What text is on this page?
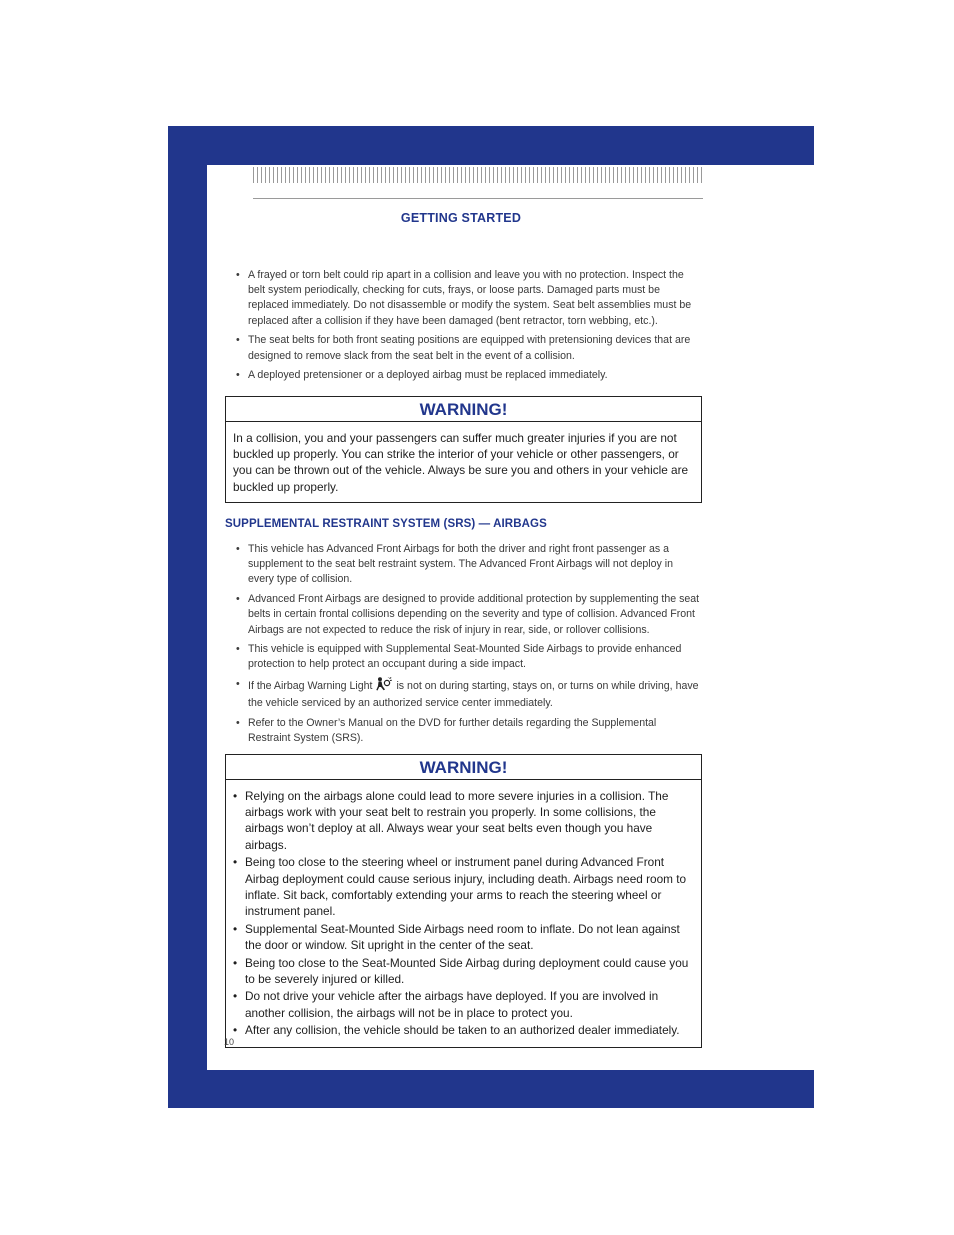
GETTING STARTED
• A frayed or torn belt could rip apart in a collision and leave you with no protection. Inspect the belt system periodically, checking for cuts, frays, or loose parts. Damaged parts must be replaced immediately. Do not disassemble or modify the system. Seat belt assemblies must be replaced after a collision if they have been damaged (bent retractor, torn webbing, etc.).
• The seat belts for both front seating positions are equipped with pretensioning devices that are designed to remove slack from the seat belt in the event of a collision.
• A deployed pretensioner or a deployed airbag must be replaced immediately.
WARNING!
In a collision, you and your passengers can suffer much greater injuries if you are not buckled up properly. You can strike the interior of your vehicle or other passengers, or you can be thrown out of the vehicle. Always be sure you and others in your vehicle are buckled up properly.
SUPPLEMENTAL RESTRAINT SYSTEM (SRS) — AIRBAGS
• This vehicle has Advanced Front Airbags for both the driver and right front passenger as a supplement to the seat belt restraint system. The Advanced Front Airbags will not deploy in every type of collision.
• Advanced Front Airbags are designed to provide additional protection by supplementing the seat belts in certain frontal collisions depending on the severity and type of collision. Advanced Front Airbags are not expected to reduce the risk of injury in rear, side, or rollover collisions.
• This vehicle is equipped with Supplemental Seat-Mounted Side Airbags to provide enhanced protection to help protect an occupant during a side impact.
• If the Airbag Warning Light is not on during starting, stays on, or turns on while driving, have the vehicle serviced by an authorized service center immediately.
• Refer to the Owner’s Manual on the DVD for further details regarding the Supplemental Restraint System (SRS).
WARNING!
• Relying on the airbags alone could lead to more severe injuries in a collision. The airbags work with your seat belt to restrain you properly. In some collisions, the airbags won’t deploy at all. Always wear your seat belts even though you have airbags.
• Being too close to the steering wheel or instrument panel during Advanced Front Airbag deployment could cause serious injury, including death. Airbags need room to inflate. Sit back, comfortably extending your arms to reach the steering wheel or instrument panel.
• Supplemental Seat-Mounted Side Airbags need room to inflate. Do not lean against the door or window. Sit upright in the center of the seat.
• Being too close to the Seat-Mounted Side Airbag during deployment could cause you to be severely injured or killed.
• Do not drive your vehicle after the airbags have deployed. If you are involved in another collision, the airbags will not be in place to protect you.
• After any collision, the vehicle should be taken to an authorized dealer immediately.
10
